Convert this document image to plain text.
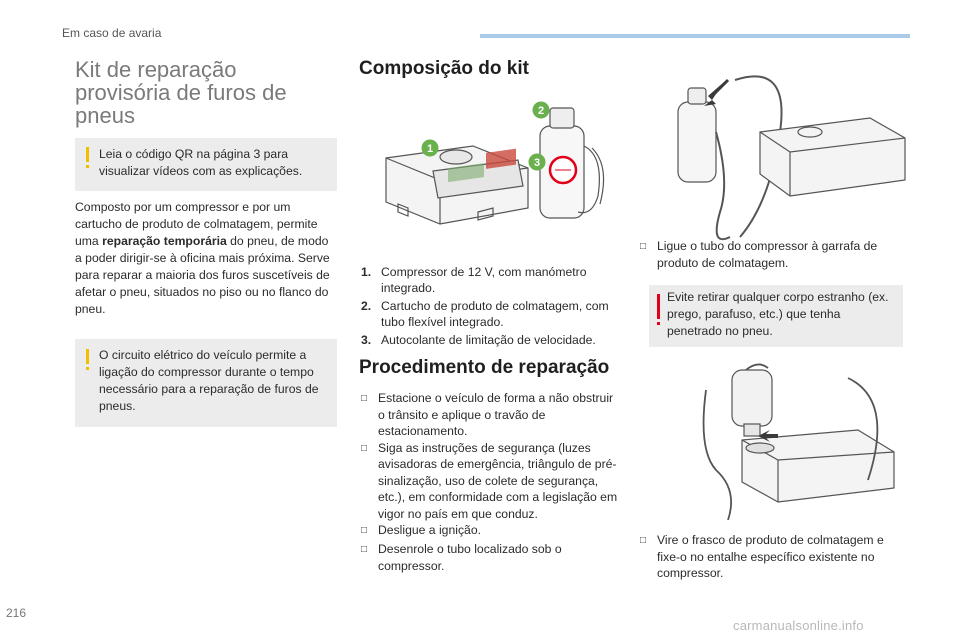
Em caso de avaria
Kit de reparação provisória de furos de pneus
Leia o código QR na página 3 para visualizar vídeos com as explicações.
Composto por um compressor e por um cartucho de produto de colmatagem, permite uma reparação temporária do pneu, de modo a poder dirigir-se à oficina mais próxima. Serve para reparar a maioria dos furos suscetíveis de afetar o pneu, situados no piso ou no flanco do pneu.
O circuito elétrico do veículo permite a ligação do compressor durante o tempo necessário para a reparação de furos de pneus.
Composição do kit
1
2
3
1. Compressor de 12 V, com manómetro integrado.
2. Cartucho de produto de colmatagem, com tubo flexível integrado.
3. Autocolante de limitação de velocidade.
Procedimento de reparação
□ Estacione o veículo de forma a não obstruir o trânsito e aplique o travão de estacionamento.
□ Siga as instruções de segurança (luzes avisadoras de emergência, triângulo de pré-sinalização, uso de colete de segurança, etc.), em conformidade com a legislação em vigor no país em que conduz.
□ Desligue a ignição.
□ Desenrole o tubo localizado sob o compressor.
□ Ligue o tubo do compressor à garrafa de produto de colmatagem.
Evite retirar qualquer corpo estranho (ex. prego, parafuso, etc.) que tenha penetrado no pneu.
□ Vire o frasco de produto de colmatagem e fixe-o no entalhe específico existente no compressor.
216
carmanualsonline.info
